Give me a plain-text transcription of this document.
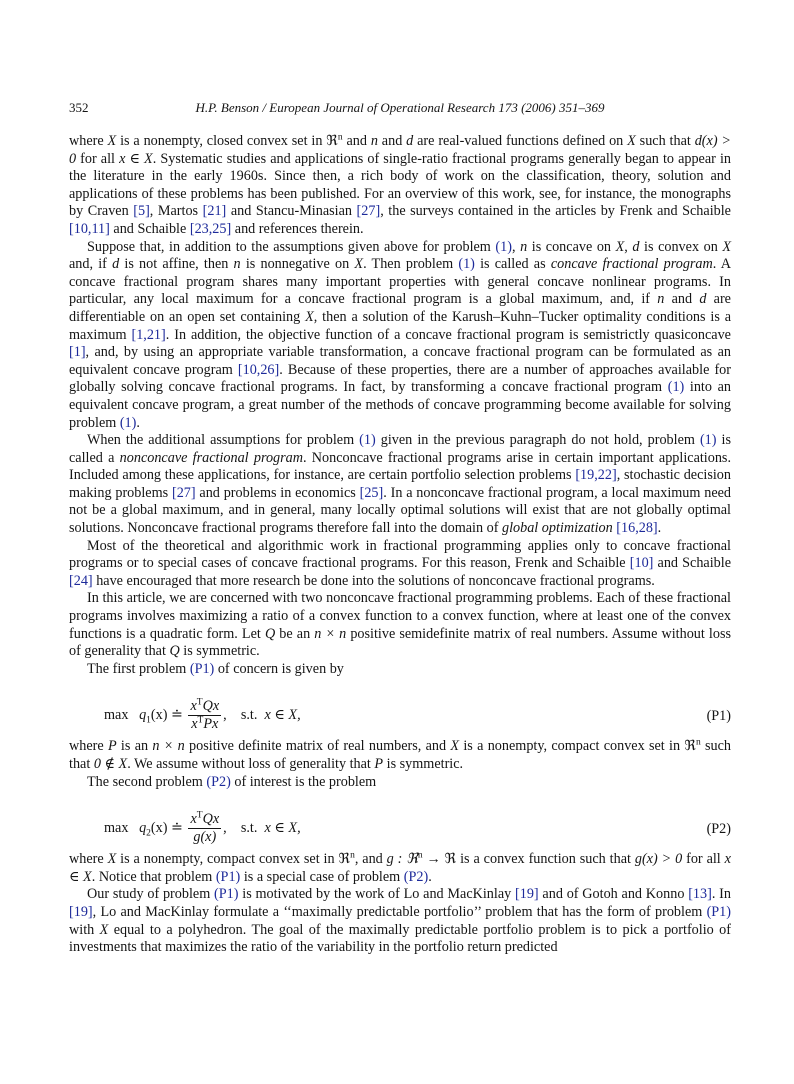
352	H.P. Benson / European Journal of Operational Research 173 (2006) 351–369

where X is a nonempty, closed convex set in ℜ$^n$ and n and d are real-valued functions defined on X such that d(x) > 0 for all x ∈ X. Systematic studies and applications of single-ratio fractional programs generally began to appear in the literature in the early 1960s. Since then, a rich body of work on the classification, theory, solution and applications of these problems has been published. For an overview of this work, see, for instance, the monographs by Craven [5], Martos [21] and Stancu-Minasian [27], the surveys contained in the articles by Frenk and Schaible [10,11] and Schaible [23,25] and references therein.

Suppose that, in addition to the assumptions given above for problem (1), n is concave on X, d is convex on X and, if d is not affine, then n is nonnegative on X. Then problem (1) is called as concave fractional program. A concave fractional program shares many important properties with general concave nonlinear programs. In particular, any local maximum for a concave fractional program is a global maximum, and, if n and d are differentiable on an open set containing X, then a solution of the Karush–Kuhn–Tucker optimality conditions is a maximum [1,21]. In addition, the objective function of a concave fractional program is semistrictly quasiconcave [1], and, by using an appropriate variable transformation, a concave fractional program can be formulated as an equivalent concave program [10,26]. Because of these properties, there are a number of approaches available for globally solving concave fractional programs. In fact, by transforming a concave fractional program (1) into an equivalent concave program, a great number of the methods of concave programming become available for solving problem (1).

When the additional assumptions for problem (1) given in the previous paragraph do not hold, problem (1) is called a nonconcave fractional program. Nonconcave fractional programs arise in certain important applications. Included among these applications, for instance, are certain portfolio selection problems [19,22], stochastic decision making problems [27] and problems in economics [25]. In a nonconcave fractional program, a local maximum need not be a global maximum, and in general, many locally optimal solutions will exist that are not globally optimal solutions. Nonconcave fractional programs therefore fall into the domain of global optimization [16,28].

Most of the theoretical and algorithmic work in fractional programming applies only to concave fractional programs or to special cases of concave fractional programs. For this reason, Frenk and Schaible [10] and Schaible [24] have encouraged that more research be done into the solutions of nonconcave fractional programs.

In this article, we are concerned with two nonconcave fractional programming problems. Each of these fractional programs involves maximizing a ratio of a convex function to a convex function, where at least one of the convex functions is a quadratic form. Let Q be an n × n positive semidefinite matrix of real numbers. Assume without loss of generality that Q is symmetric.

The first problem (P1) of concern is given by

$\max q_1(x)$ ≐ $\frac{x^TQx}{x^TPx}$ ,    s.t. x ∈ X,	(P1)

where P is an n × n positive definite matrix of real numbers, and X is a nonempty, compact convex set in ℜ$^n$ such that 0 ∉ X. We assume without loss of generality that P is symmetric.

The second problem (P2) of interest is the problem

$\max q_2(x)$ ≐ $\frac{x^TQx}{g(x)}$ ,    s.t. x ∈ X,	(P2)

where X is a nonempty, compact convex set in ℜ$^n$, and g : ℜ$^n$ → ℜ is a convex function such that g(x) > 0 for all x ∈ X. Notice that problem (P1) is a special case of problem (P2).

Our study of problem (P1) is motivated by the work of Lo and MacKinlay [19] and of Gotoh and Konno [13]. In [19], Lo and MacKinlay formulate a ‘‘maximally predictable portfolio’’ problem that has the form of problem (P1) with X equal to a polyhedron. The goal of the maximally predictable portfolio problem is to pick a portfolio of investments that maximizes the ratio of the variability in the portfolio return predicted
